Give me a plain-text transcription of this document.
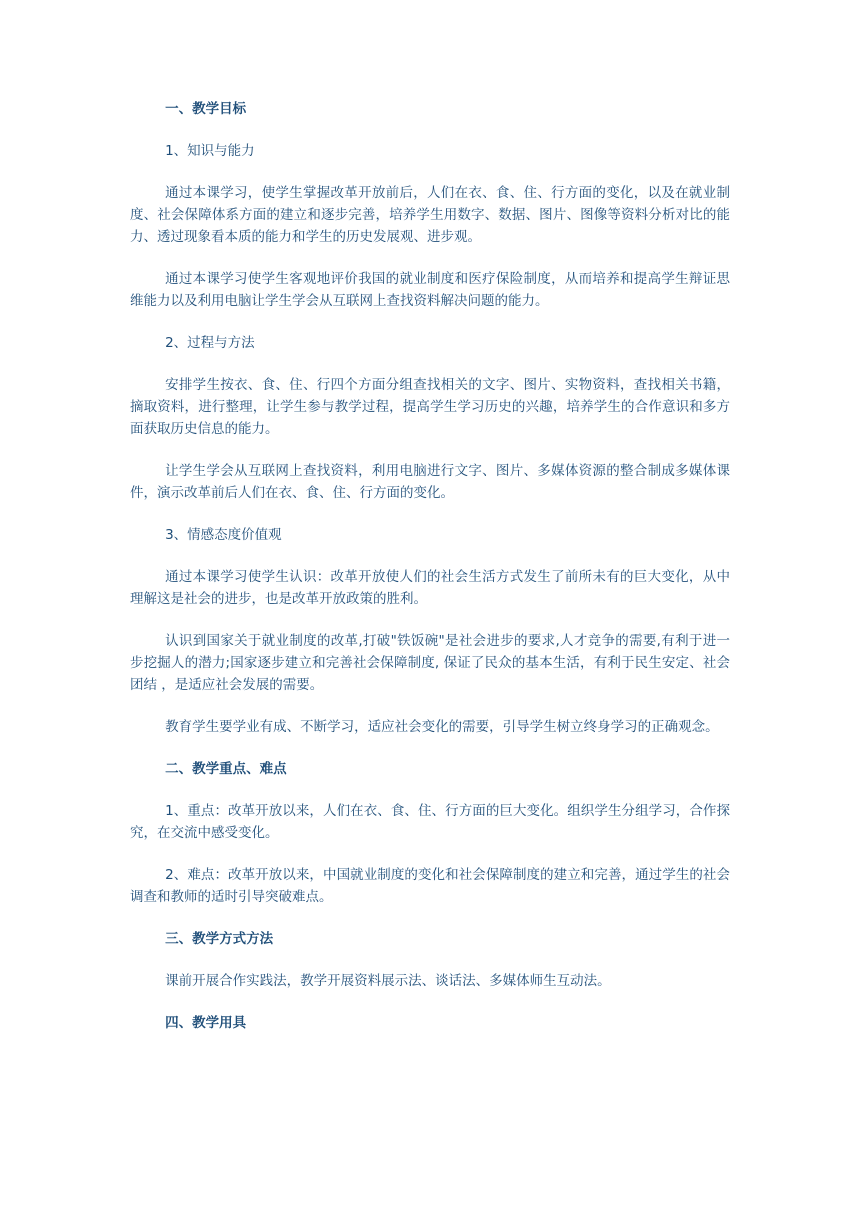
一、教学目标

1、知识与能力

通过本课学习，使学生掌握改革开放前后，人们在衣、食、住、行方面的变化，以及在就业制度、社会保障体系方面的建立和逐步完善，培养学生用数字、数据、图片、图像等资料分析对比的能力、透过现象看本质的能力和学生的历史发展观、进步观。

通过本课学习使学生客观地评价我国的就业制度和医疗保险制度，从而培养和提高学生辩证思维能力以及利用电脑让学生学会从互联网上查找资料解决问题的能力。

2、过程与方法

安排学生按衣、食、住、行四个方面分组查找相关的文字、图片、实物资料，查找相关书籍，摘取资料，进行整理，让学生参与教学过程，提高学生学习历史的兴趣，培养学生的合作意识和多方面获取历史信息的能力。

让学生学会从互联网上查找资料，利用电脑进行文字、图片、多媒体资源的整合制成多媒体课件，演示改革前后人们在衣、食、住、行方面的变化。

3、情感态度价值观

通过本课学习使学生认识：改革开放使人们的社会生活方式发生了前所未有的巨大变化，从中理解这是社会的进步，也是改革开放政策的胜利。

认识到国家关于就业制度的改革,打破"铁饭碗"是社会进步的要求,人才竞争的需要,有利于进一步挖掘人的潜力;国家逐步建立和完善社会保障制度, 保证了民众的基本生活，有利于民生安定、社会团结 ，是适应社会发展的需要。

教育学生要学业有成、不断学习，适应社会变化的需要，引导学生树立终身学习的正确观念。

二、教学重点、难点

1、重点：改革开放以来，人们在衣、食、住、行方面的巨大变化。组织学生分组学习，合作探究，在交流中感受变化。

2、难点：改革开放以来，中国就业制度的变化和社会保障制度的建立和完善，通过学生的社会调查和教师的适时引导突破难点。

三、教学方式方法

课前开展合作实践法，教学开展资料展示法、谈话法、多媒体师生互动法。

四、教学用具
